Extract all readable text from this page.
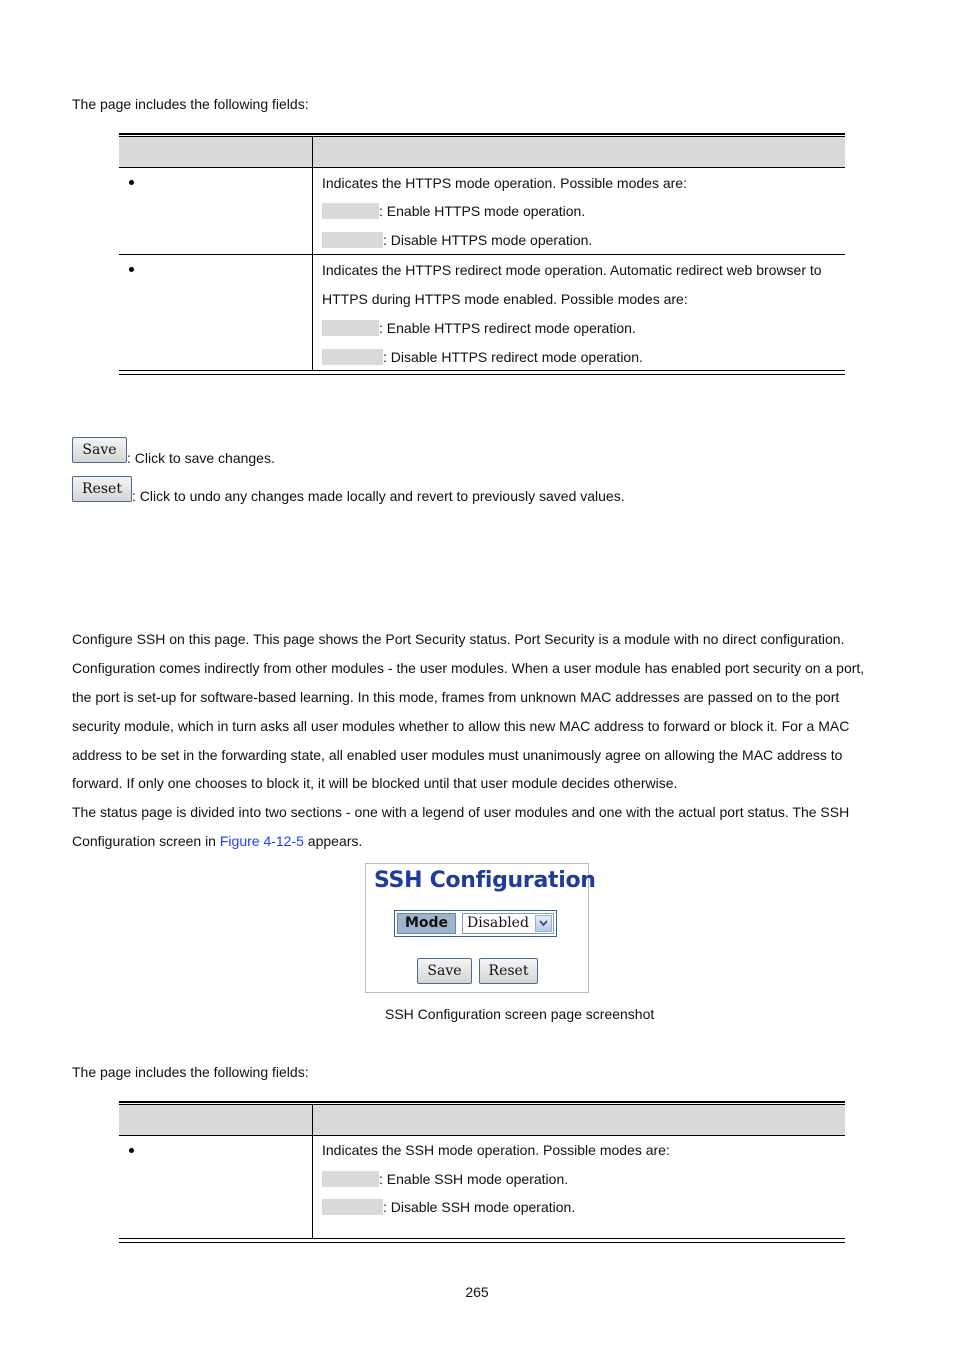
The page includes the following fields:
Indicates the HTTPS mode operation. Possible modes are:
: Enable HTTPS mode operation.
: Disable HTTPS mode operation.
Indicates the HTTPS redirect mode operation. Automatic redirect web browser to
HTTPS during HTTPS mode enabled. Possible modes are:
: Enable HTTPS redirect mode operation.
: Disable HTTPS redirect mode operation.
Save : Click to save changes.
Reset : Click to undo any changes made locally and revert to previously saved values.
Configure SSH on this page. This page shows the Port Security status. Port Security is a module with no direct configuration.
Configuration comes indirectly from other modules - the user modules. When a user module has enabled port security on a port,
the port is set-up for software-based learning. In this mode, frames from unknown MAC addresses are passed on to the port
security module, which in turn asks all user modules whether to allow this new MAC address to forward or block it. For a MAC
address to be set in the forwarding state, all enabled user modules must unanimously agree on allowing the MAC address to
forward. If only one chooses to block it, it will be blocked until that user module decides otherwise.
The status page is divided into two sections - one with a legend of user modules and one with the actual port status. The SSH
Configuration screen in Figure 4-12-5 appears.
SSH Configuration
Mode	Disabled
Save	Reset
SSH Configuration screen page screenshot
The page includes the following fields:
Indicates the SSH mode operation. Possible modes are:
: Enable SSH mode operation.
: Disable SSH mode operation.
265
